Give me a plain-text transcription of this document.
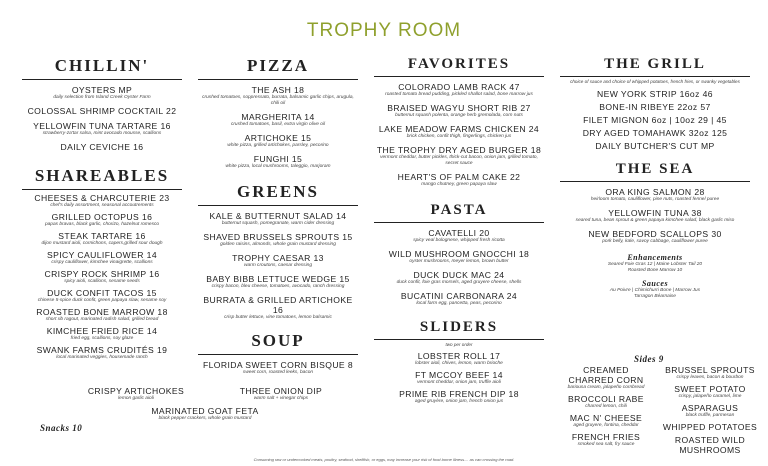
TROPHY ROOM
CHILLIN'
OYSTERS MP
daily selection from Island Creek Oyster Farm
COLOSSAL SHRIMP COCKTAIL 22
YELLOWFIN TUNA TARTARE 16
strawberry-za'tar salsa, mint avocado mousse, scallions
DAILY CEVICHE 16
SHAREABLES
CHEESES & CHARCUTERIE 23
chef's daily assortment, seasonal accoutrements
GRILLED OCTOPUS 16
papas bravas, black garlic, chorizo, hazelnut romesco
STEAK TARTARE 16
dijon mustard aioli, cornichons, capers,grilled sour dough
SPICY CAULIFLOWER 14
crispy cauliflower, kimchee vinaigrette, scallions
CRISPY ROCK SHRIMP 16
spicy aioli, scallions, sesame seeds
DUCK CONFIT TACOS 15
chinese 5-spice duck confit, green papaya slaw, sesame soy
ROASTED BONE MARROW 18
short rib ragout, marinated radish salad, grilled bread
KIMCHEE FRIED RICE 14
fried egg, scallions, soy glaze
SWANK FARMS CRUDITÉS 19
local marinated veggies, housemade ranch
PIZZA
THE ASH 18
crushed tomatoes, soppressato, burrata, balsamic garlic chips, arugula, chili oil
MARGHERITA 14
crushed tomatoes, basil, extra virgin olive oil
ARTICHOKE 15
white pizza, grilled artichokes, parsley, pecorino
FUNGHI 15
white pizza, local mushrooms, taleggio, marjoram
GREENS
KALE & BUTTERNUT SALAD 14
butternut squash, pomegranate, warm cider dressing
SHAVED BRUSSELS SPROUTS 15
golden raisins, almonds, whole grain mustard dressing
TROPHY CAESAR 13
warm croutons, caesar dressing
BABY BIBB LETTUCE WEDGE 15
crispy bacon, bleu cheese, tomatoes, avocado, ranch dressing
BURRATA & GRILLED ARTICHOKE 16
crisp butter lettuce, vine tomatoes, lemon balsamic
SOUP
FLORIDA SWEET CORN BISQUE 8
sweet corn, roasted leeks, bacon
FAVORITES
COLORADO LAMB RACK 47
roasted tomato bread pudding, pickled shallot salad, bone marrow jus
BRAISED WAGYU SHORT RIB 27
butternut squash polenta, orange herb gremolada, corn nuts
LAKE MEADOW FARMS CHICKEN 24
brick chicken, confit thigh, fingerlings, chicken jus
THE TROPHY DRY AGED BURGER 18
vermont cheddar, butter pickles, thick-cut bacon, onion jam, grilled tomato, secret sauce
HEART'S OF PALM CAKE 22
mango chutney, green papaya slaw
PASTA
CAVATELLI 20
spicy veal bolognese, whipped fresh ricotta
WILD MUSHROOM GNOCCHI 18
oyster mushrooms, meyer lemon, brown butter
DUCK DUCK MAC 24
duck confit, foie gras morsels, aged gruyere cheese, shells
BUCATINI CARBONARA 24
local farm egg, pancetta, peas, pecorino
SLIDERS
two per order
LOBSTER ROLL 17
lobster aioli, chives, lemon, warm brioche
FT MCCOY BEEF 14
vermont cheddar, onion jam, truffle aioli
PRIME RIB FRENCH DIP 18
aged gruyère, onion jam, french onion jus
THE GRILL
choice of sauce and choice of whipped potatoes, french fries, or swanky vegetables
NEW YORK STRIP 16oz 46
BONE-IN RIBEYE 22oz 57
FILET MIGNON 6oz | 10oz 29 | 45
DRY AGED TOMAHAWK 32oz 125
DAILY BUTCHER'S CUT MP
THE SEA
ORA KING SALMON 28
heirloom tomato, cauliflower, pine nuts, roasted fennel puree
YELLOWFIN TUNA 38
seared tuna, bean sprout & green papaya kimchee salad, black garlic miso
NEW BEDFORD SCALLOPS 30
pork belly, kale, savoy cabbage, cauliflower puree
Enhancements
Seared Foie Gras 12 | Maine Lobster Tail 20
Roasted Bone Marrow 10
Sauces
Au Poivre | Chimichurri Bone | Marrow Jus
Tarragon Béarnaise
Sides 9
CREAMED CHARRED CORN
bariousa cream, jalapeño cornbread
BROCCOLI RABE
charred lemon, chili
MAC N' CHEESE
aged gruyere, fontina, cheddar
FRENCH FRIES
smoked sea salt, fry sauce
BRUSSEL SPROUTS
crispy leaves, bacon & bourbon
SWEET POTATO
crispy, jalapeño caramel, lime
ASPARAGUS
black truffle, parmesan
WHIPPED POTATOES
ROASTED WILD MUSHROOMS
CRISPY ARTICHOKES
lemon garlic aioli
THREE ONION DIP
warm salt + vinegar chips
MARINATED GOAT FETA
black pepper crackers, whole grain mustard
Snacks 10
Consuming raw or undercooked meats, poultry, seafood, shellfish, or eggs, may increase your risk of food borne illness.... as can crossing the road.
